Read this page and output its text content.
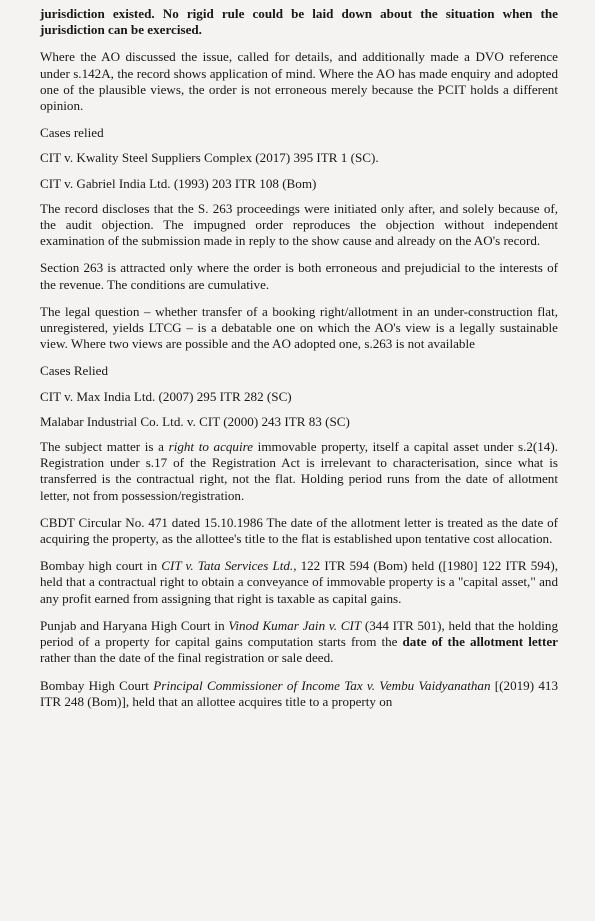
jurisdiction existed. No rigid rule could be laid down about the situation when the jurisdiction can be exercised.

Where the AO discussed the issue, called for details, and additionally made a DVO reference under s.142A, the record shows application of mind. Where the AO has made enquiry and adopted one of the plausible views, the order is not erroneous merely because the PCIT holds a different opinion.

Cases relied

CIT v. Kwality Steel Suppliers Complex (2017) 395 ITR 1 (SC).

CIT v. Gabriel India Ltd. (1993) 203 ITR 108 (Bom)

The record discloses that the S. 263 proceedings were initiated only after, and solely because of, the audit objection. The impugned order reproduces the objection without independent examination of the submission made in reply to the show cause and already on the AO's record.

Section 263 is attracted only where the order is both erroneous and prejudicial to the interests of the revenue. The conditions are cumulative.

The legal question – whether transfer of a booking right/allotment in an under-construction flat, unregistered, yields LTCG – is a debatable one on which the AO's view is a legally sustainable view. Where two views are possible and the AO adopted one, s.263 is not available

Cases Relied

CIT v. Max India Ltd. (2007) 295 ITR 282 (SC)

Malabar Industrial Co. Ltd. v. CIT (2000) 243 ITR 83 (SC)

The subject matter is a right to acquire immovable property, itself a capital asset under s.2(14). Registration under s.17 of the Registration Act is irrelevant to characterisation, since what is transferred is the contractual right, not the flat. Holding period runs from the date of allotment letter, not from possession/registration.

CBDT Circular No. 471 dated 15.10.1986 The date of the allotment letter is treated as the date of acquiring the property, as the allottee's title to the flat is established upon tentative cost allocation.

Bombay high court in CIT v. Tata Services Ltd., 122 ITR 594 (Bom) held ([1980] 122 ITR 594), held that a contractual right to obtain a conveyance of immovable property is a "capital asset," and any profit earned from assigning that right is taxable as capital gains.

Punjab and Haryana High Court in Vinod Kumar Jain v. CIT (344 ITR 501), held that the holding period of a property for capital gains computation starts from the date of the allotment letter rather than the date of the final registration or sale deed.

Bombay High Court Principal Commissioner of Income Tax v. Vembu Vaidyanathan [(2019) 413 ITR 248 (Bom)], held that an allottee acquires title to a property on
